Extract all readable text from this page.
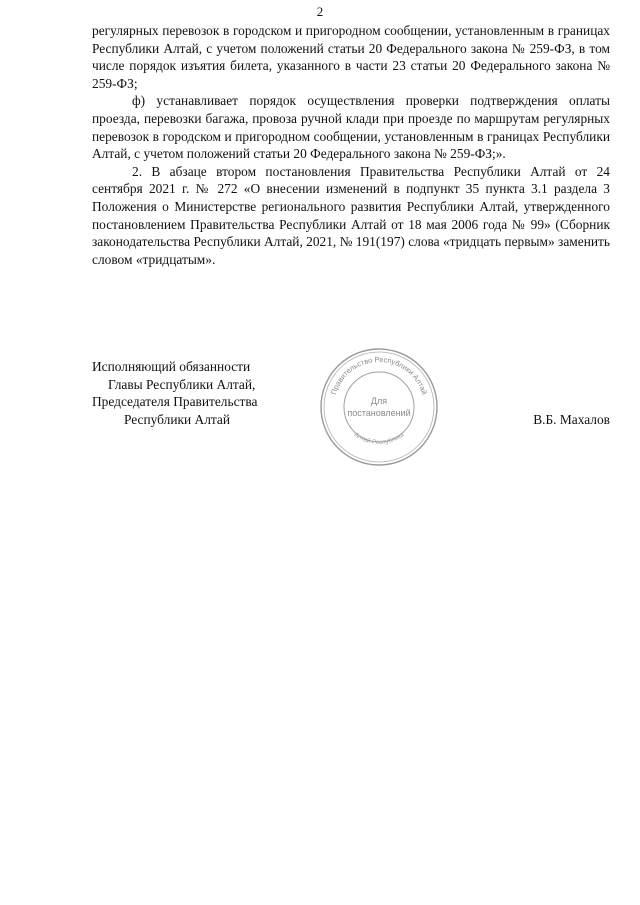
2

регулярных перевозок в городском и пригородном сообщении, установленным в границах Республики Алтай, с учетом положений статьи 20 Федерального закона № 259-ФЗ, в том числе порядок изъятия билета, указанного в части 23 статьи 20 Федерального закона № 259-ФЗ;

ф) устанавливает порядок осуществления проверки подтверждения оплаты проезда, перевозки багажа, провоза ручной клади при проезде по маршрутам регулярных перевозок в городском и пригородном сообщении, установленным в границах Республики Алтай, с учетом положений статьи 20 Федерального закона № 259-ФЗ;».

2. В абзаце втором постановления Правительства Республики Алтай от 24 сентября 2021 г. № 272 «О внесении изменений в подпункт 35 пункта 3.1 раздела 3 Положения о Министерстве регионального развития Республики Алтай, утвержденного постановлением Правительства Республики Алтай от 18 мая 2006 года № 99» (Сборник законодательства Республики Алтай, 2021, № 191(197) слова «тридцать первым» заменить словом «тридцатым».

Исполняющий обязанности
Главы Республики Алтай,
Председателя Правительства
Республики Алтай	В.Б. Махалов
Правительство Республики Алтай
Алтай Республика
Для
постановлений
